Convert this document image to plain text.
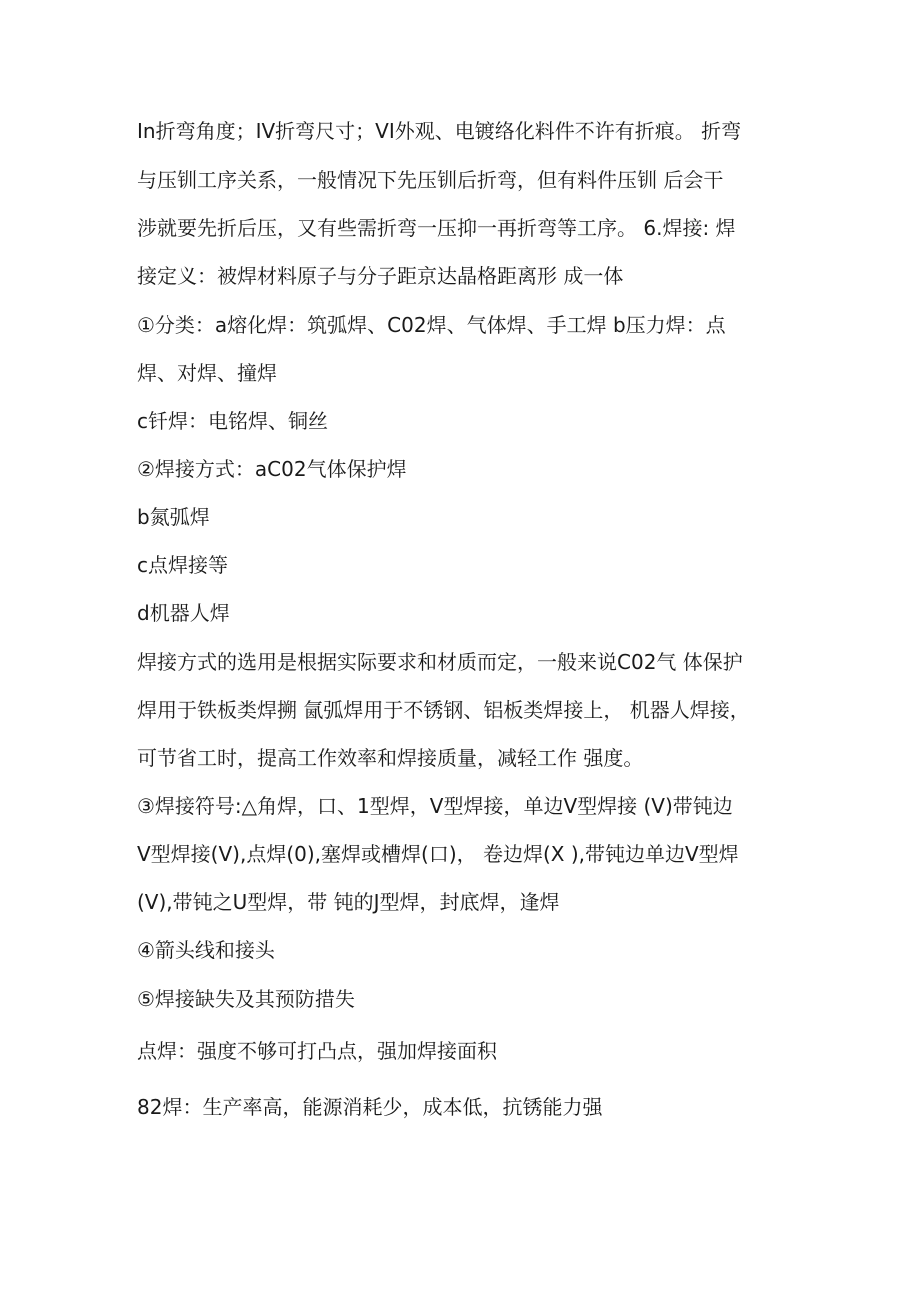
In折弯角度；IV折弯尺寸；VI外观、电镀络化料件不许有折痕。 折弯
与压钏工序关系，一般情况下先压钏后折弯，但有料件压钏 后会干
涉就要先折后压，又有些需折弯一压抑一再折弯等工序。 6.焊接: 焊
接定义：被焊材料原子与分子距京达晶格距离形 成一体
①分类：a熔化焊：筑弧焊、C02焊、气体焊、手工焊 b压力焊：点
焊、对焊、撞焊
c钎焊：电铭焊、铜丝
②焊接方式：aC02气体保护焊
b氮弧焊
c点焊接等
d机器人焊
焊接方式的选用是根据实际要求和材质而定，一般来说C02气 体保护
焊用于铁板类焊搠 氤弧焊用于不锈钢、铝板类焊接上， 机器人焊接，
可节省工时，提高工作效率和焊接质量，减轻工作 强度。
③焊接符号:△角焊，口、1型焊，V型焊接，单边V型焊接 (V)带钝边
V型焊接(V),点焊(0),塞焊或槽焊(口)， 卷边焊(X ),带钝边单边V型焊
(V),带钝之U型焊，带 钝的J型焊，封底焊，逢焊
④箭头线和接头
⑤焊接缺失及其预防措失
点焊：强度不够可打凸点，强加焊接面积
82焊：生产率高，能源消耗少，成本低，抗锈能力强
